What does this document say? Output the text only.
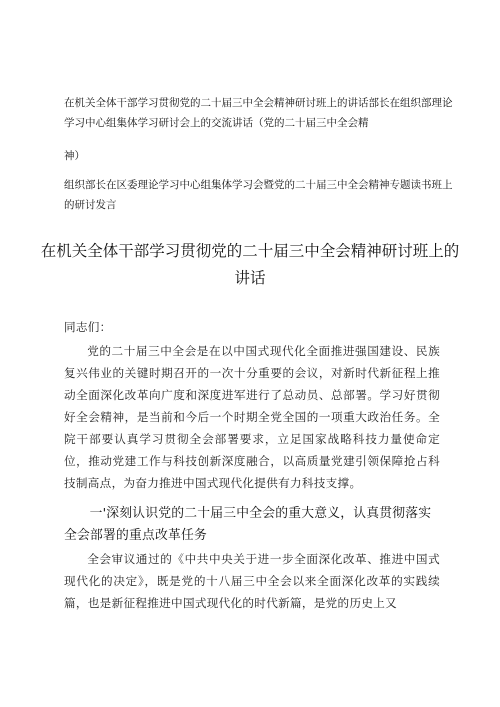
在机关全体干部学习贯彻党的二十届三中全会精神研讨班上的讲话部长在组织部理论学习中心组集体学习研讨会上的交流讲话（党的二十届三中全会精
神）
组织部长在区委理论学习中心组集体学习会暨党的二十届三中全会精神专题读书班上的研讨发言
在机关全体干部学习贯彻党的二十届三中全会精神研讨班上的讲话
同志们：
党的二十届三中全会是在以中国式现代化全面推进强国建设、民族复兴伟业的关键时期召开的一次十分重要的会议，对新时代新征程上推动全面深化改革向广度和深度进军进行了总动员、总部署。学习好贯彻好全会精神，是当前和今后一个时期全党全国的一项重大政治任务。全院干部要认真学习贯彻全会部署要求，立足国家战略科技力量使命定位，推动党建工作与科技创新深度融合，以高质量党建引领保障抢占科技制高点，为奋力推进中国式现代化提供有力科技支撑。
一'深刻认识党的二十届三中全会的重大意义，认真贯彻落实全会部署的重点改革任务
全会审议通过的《中共中央关于进一步全面深化改革、推进中国式现代化的决定》，既是党的十八届三中全会以来全面深化改革的实践续篇，也是新征程推进中国式现代化的时代新篇，是党的历史上又
